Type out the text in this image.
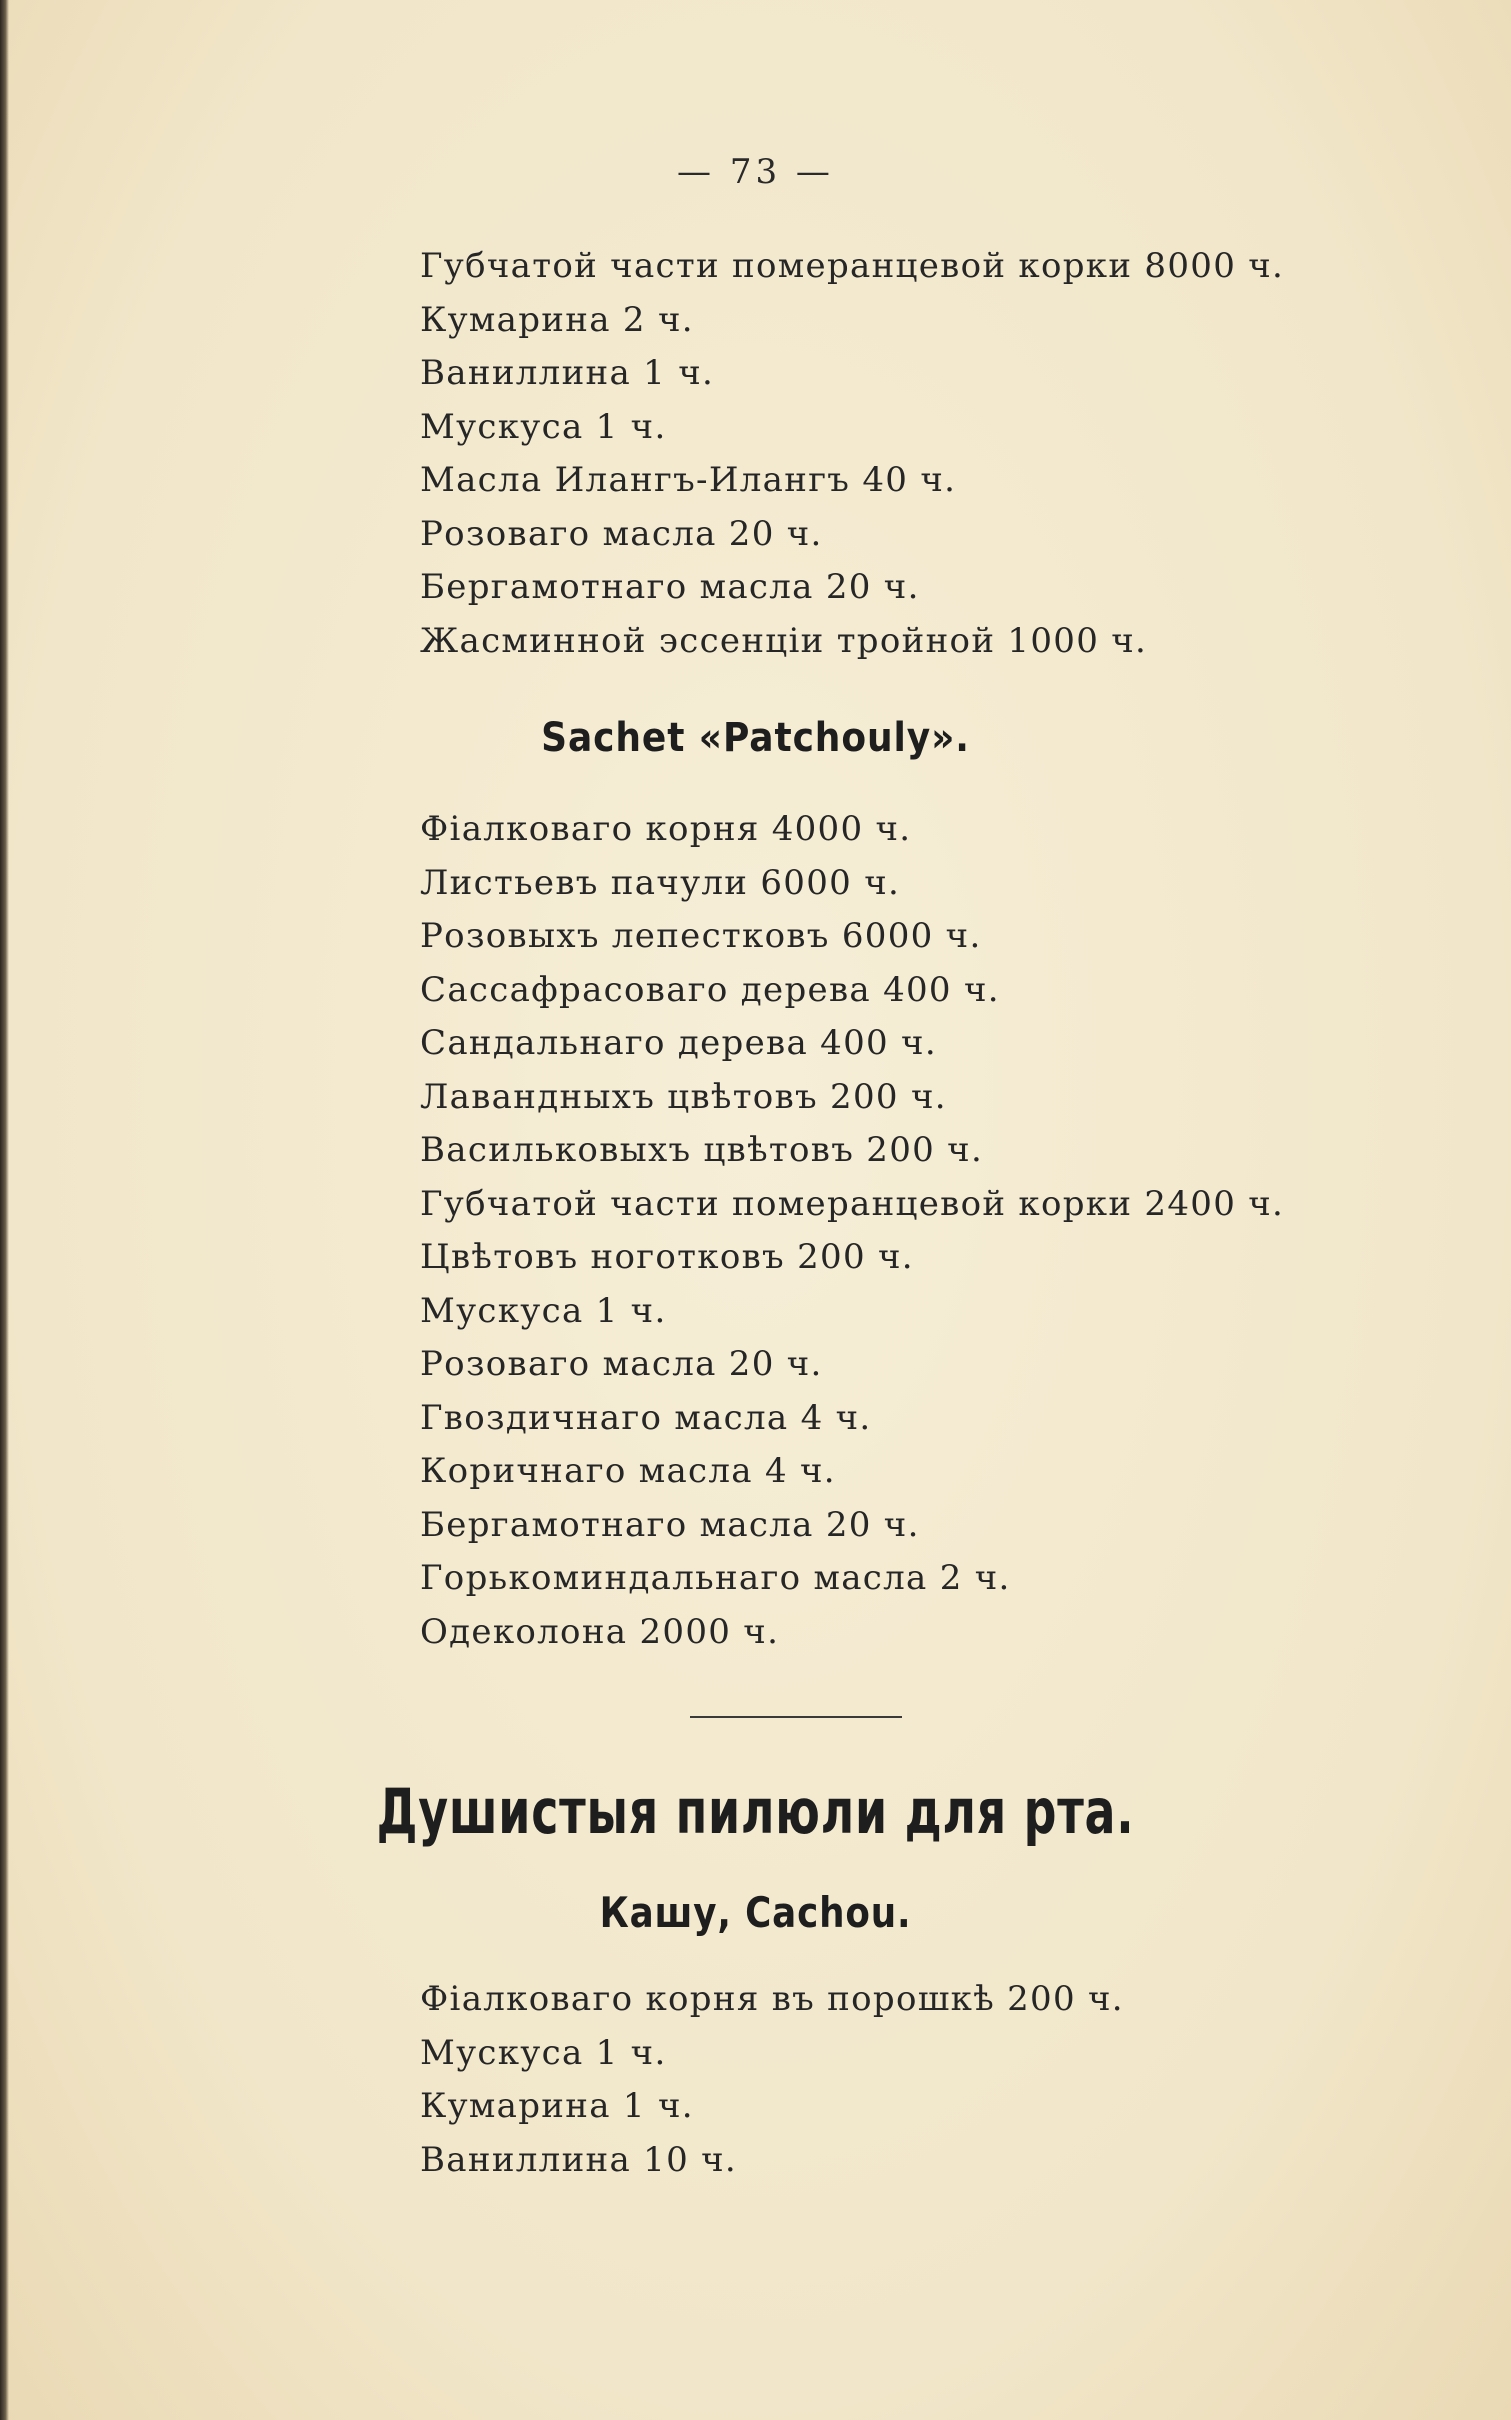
— 73 —
Губчатой части померанцевой корки 8000 ч.
Кумарина 2 ч.
Ваниллина 1 ч.
Мускуса 1 ч.
Масла Илангъ-Илангъ 40 ч.
Розоваго масла 20 ч.
Бергамотнаго масла 20 ч.
Жасминной эссенціи тройной 1000 ч.
Sachet «Patchouly».
Фіалковаго корня 4000 ч.
Листьевъ пачули 6000 ч.
Розовыхъ лепестковъ 6000 ч.
Сассафрасоваго дерева 400 ч.
Сандальнаго дерева 400 ч.
Лавандныхъ цвѣтовъ 200 ч.
Васильковыхъ цвѣтовъ 200 ч.
Губчатой части померанцевой корки 2400 ч.
Цвѣтовъ ноготковъ 200 ч.
Мускуса 1 ч.
Розоваго масла 20 ч.
Гвоздичнаго масла 4 ч.
Коричнаго масла 4 ч.
Бергамотнаго масла 20 ч.
Горькоминдальнаго масла 2 ч.
Одеколона 2000 ч.
Душистыя пилюли для рта.
Кашу, Cachou.
Фіалковаго корня въ порошкѣ 200 ч.
Мускуса 1 ч.
Кумарина 1 ч.
Ваниллина 10 ч.
